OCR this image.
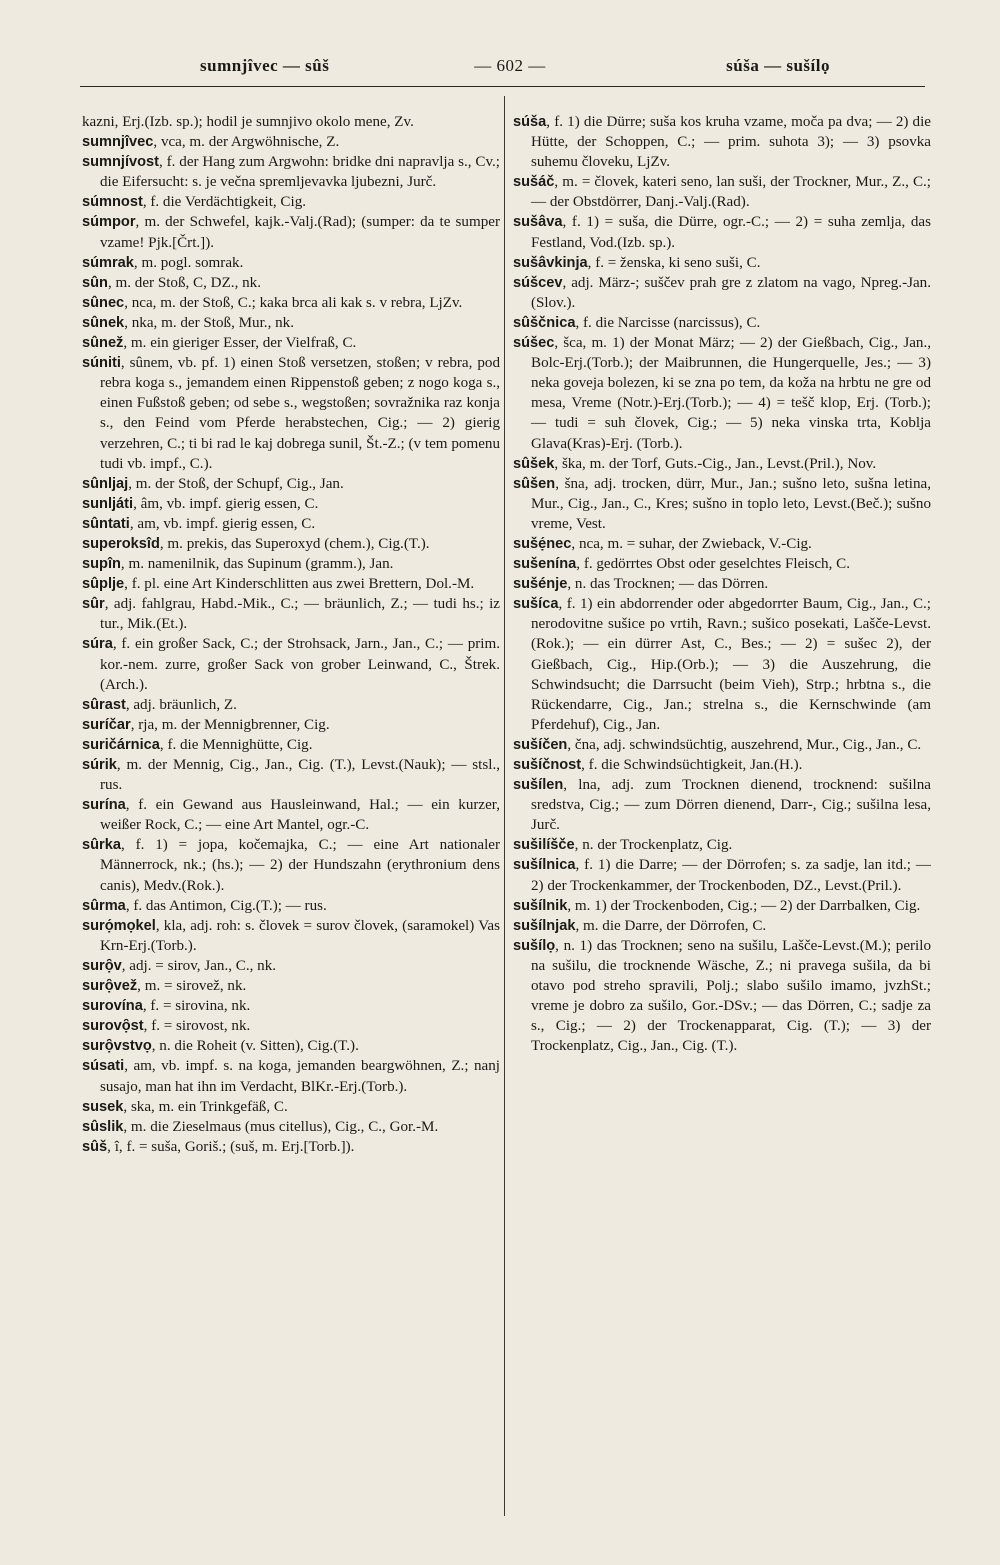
sumnjîvec — sûš	— 602 —	súša — sušílọ

kazni, Erj.(Izb. sp.); hodil je sumnjivo okolo mene, Zv.

sumnjîvec, vca, m. der Argwöhnische, Z.

sumnjívost, f. der Hang zum Argwohn: bridke dni napravlja s., Cv.; die Eifersucht: s. je večna spremljevavka ljubezni, Jurč.

súmnost, f. die Verdächtigkeit, Cig.

súmpor, m. der Schwefel, kajk.-Valj.(Rad); (sumper: da te sumper vzame! Pjk.[Črt.]).

súmrak, m. pogl. somrak.

sûn, m. der Stoß, C, DZ., nk.

sûnec, nca, m. der Stoß, C.; kaka brca ali kak s. v rebra, LjZv.

sûnek, nka, m. der Stoß, Mur., nk.

sûnež, m. ein gieriger Esser, der Vielfraß, C.

súniti, sûnem, vb. pf. 1) einen Stoß versetzen, stoßen; v rebra, pod rebra koga s., jemandem einen Rippenstoß geben; z nogo koga s., einen Fußstoß geben; od sebe s., wegstoßen; sovražnika raz konja s., den Feind vom Pferde herabstechen, Cig.; — 2) gierig verzehren, C.; ti bi rad le kaj dobrega sunil, Št.-Z.; (v tem pomenu tudi vb. impf., C.).

sûnljaj, m. der Stoß, der Schupf, Cig., Jan.

sunljáti, âm, vb. impf. gierig essen, C.

sûntati, am, vb. impf. gierig essen, C.

superoksîd, m. prekis, das Superoxyd (chem.), Cig.(T.).

supîn, m. namenilnik, das Supinum (gramm.), Jan.

sûplje, f. pl. eine Art Kinderschlitten aus zwei Brettern, Dol.-M.

sûr, adj. fahlgrau, Habd.-Mik., C.; — bräunlich, Z.; — tudi hs.; iz tur., Mik.(Et.).

súra, f. ein großer Sack, C.; der Strohsack, Jarn., Jan., C.; — prim. kor.-nem. zurre, großer Sack von grober Leinwand, C., Štrek. (Arch.).

sûrast, adj. bräunlich, Z.

suríčar, rja, m. der Mennigbrenner, Cig.

suričárnica, f. die Mennighütte, Cig.

súrik, m. der Mennig, Cig., Jan., Cig. (T.), Levst.(Nauk); — stsl., rus.

surína, f. ein Gewand aus Hausleinwand, Hal.; — ein kurzer, weißer Rock, C.; — eine Art Mantel, ogr.-C.

sûrka, f. 1) = jopa, kočemajka, C.; — eine Art nationaler Männerrock, nk.; (hs.); — 2) der Hundszahn (erythronium dens canis), Medv.(Rok.).

sûrma, f. das Antimon, Cig.(T.); — rus.

surọ́mọkel, kla, adj. roh: s. človek = surov človek, (saramokel) Vas Krn-Erj.(Torb.).

surọ̑v, adj. = sirov, Jan., C., nk.

surọ̑vež, m. = sirovež, nk.

surovína, f. = sirovina, nk.

surovọ̑st, f. = sirovost, nk.

surọ̑vstvọ, n. die Roheit (v. Sitten), Cig.(T.).

súsati, am, vb. impf. s. na koga, jemanden beargwöhnen, Z.; nanj susajo, man hat ihn im Verdacht, BlKr.-Erj.(Torb.).

susek, ska, m. ein Trinkgefäß, C.

sûslik, m. die Zieselmaus (mus citellus), Cig., C., Gor.-M.

sûš, î, f. = suša, Goriš.; (suš, m. Erj.[Torb.]).

súša, f. 1) die Dürre; suša kos kruha vzame, moča pa dva; — 2) die Hütte, der Schoppen, C.; — prim. suhota 3); — 3) psovka suhemu človeku, LjZv.

sušáč, m. = človek, kateri seno, lan suši, der Trockner, Mur., Z., C.; — der Obstdörrer, Danj.-Valj.(Rad).

sušâva, f. 1) = suša, die Dürre, ogr.-C.; — 2) = suha zemlja, das Festland, Vod.(Izb. sp.).

sušâvkinja, f. = ženska, ki seno suši, C.

súšcev, adj. März-; suščev prah gre z zlatom na vago, Npreg.-Jan.(Slov.).

sûščnica, f. die Narcisse (narcissus), C.

súšec, šca, m. 1) der Monat März; — 2) der Gießbach, Cig., Jan., Bolc-Erj.(Torb.); der Maibrunnen, die Hungerquelle, Jes.; — 3) neka goveja bolezen, ki se zna po tem, da koža na hrbtu ne gre od mesa, Vreme (Notr.)-Erj.(Torb.); — 4) = tešč klop, Erj. (Torb.); — tudi = suh človek, Cig.; — 5) neka vinska trta, Koblja Glava(Kras)-Erj. (Torb.).

sûšek, ška, m. der Torf, Guts.-Cig., Jan., Levst.(Pril.), Nov.

sûšen, šna, adj. trocken, dürr, Mur., Jan.; sušno leto, sušna letina, Mur., Cig., Jan., C., Kres; sušno in toplo leto, Levst.(Beč.); sušno vreme, Vest.

sušẹ́nec, nca, m. = suhar, der Zwieback, V.-Cig.

sušenína, f. gedörrtes Obst oder geselchtes Fleisch, C.

sušénje, n. das Trocknen; — das Dörren.

sušíca, f. 1) ein abdorrender oder abgedorrter Baum, Cig., Jan., C.; nerodovitne sušice po vrtih, Ravn.; sušico posekati, Lašče-Levst.(Rok.); — ein dürrer Ast, C., Bes.; — 2) = sušec 2), der Gießbach, Cig., Hip.(Orb.); — 3) die Auszehrung, die Schwindsucht; die Darrsucht (beim Vieh), Strp.; hrbtna s., die Rückendarre, Cig., Jan.; strelna s., die Kernschwinde (am Pferdehuf), Cig., Jan.

sušíčen, čna, adj. schwindsüchtig, auszehrend, Mur., Cig., Jan., C.

sušíčnost, f. die Schwindsüchtigkeit, Jan.(H.).

sušílen, lna, adj. zum Trocknen dienend, trocknend: sušilna sredstva, Cig.; — zum Dörren dienend, Darr-, Cig.; sušilna lesa, Jurč.

sušilíšče, n. der Trockenplatz, Cig.

sušílnica, f. 1) die Darre; — der Dörrofen; s. za sadje, lan itd.; — 2) der Trockenkammer, der Trockenboden, DZ., Levst.(Pril.).

sušílnik, m. 1) der Trockenboden, Cig.; — 2) der Darrbalken, Cig.

sušílnjak, m. die Darre, der Dörrofen, C.

sušílọ, n. 1) das Trocknen; seno na sušilu, Lašče-Levst.(M.); perilo na sušilu, die trocknende Wäsche, Z.; ni pravega sušila, da bi otavo pod streho spravili, Polj.; slabo sušilo imamo, jvzhSt.; vreme je dobro za sušilo, Gor.-DSv.; — das Dörren, C.; sadje za s., Cig.; — 2) der Trockenapparat, Cig. (T.); — 3) der Trockenplatz, Cig., Jan., Cig. (T.).
